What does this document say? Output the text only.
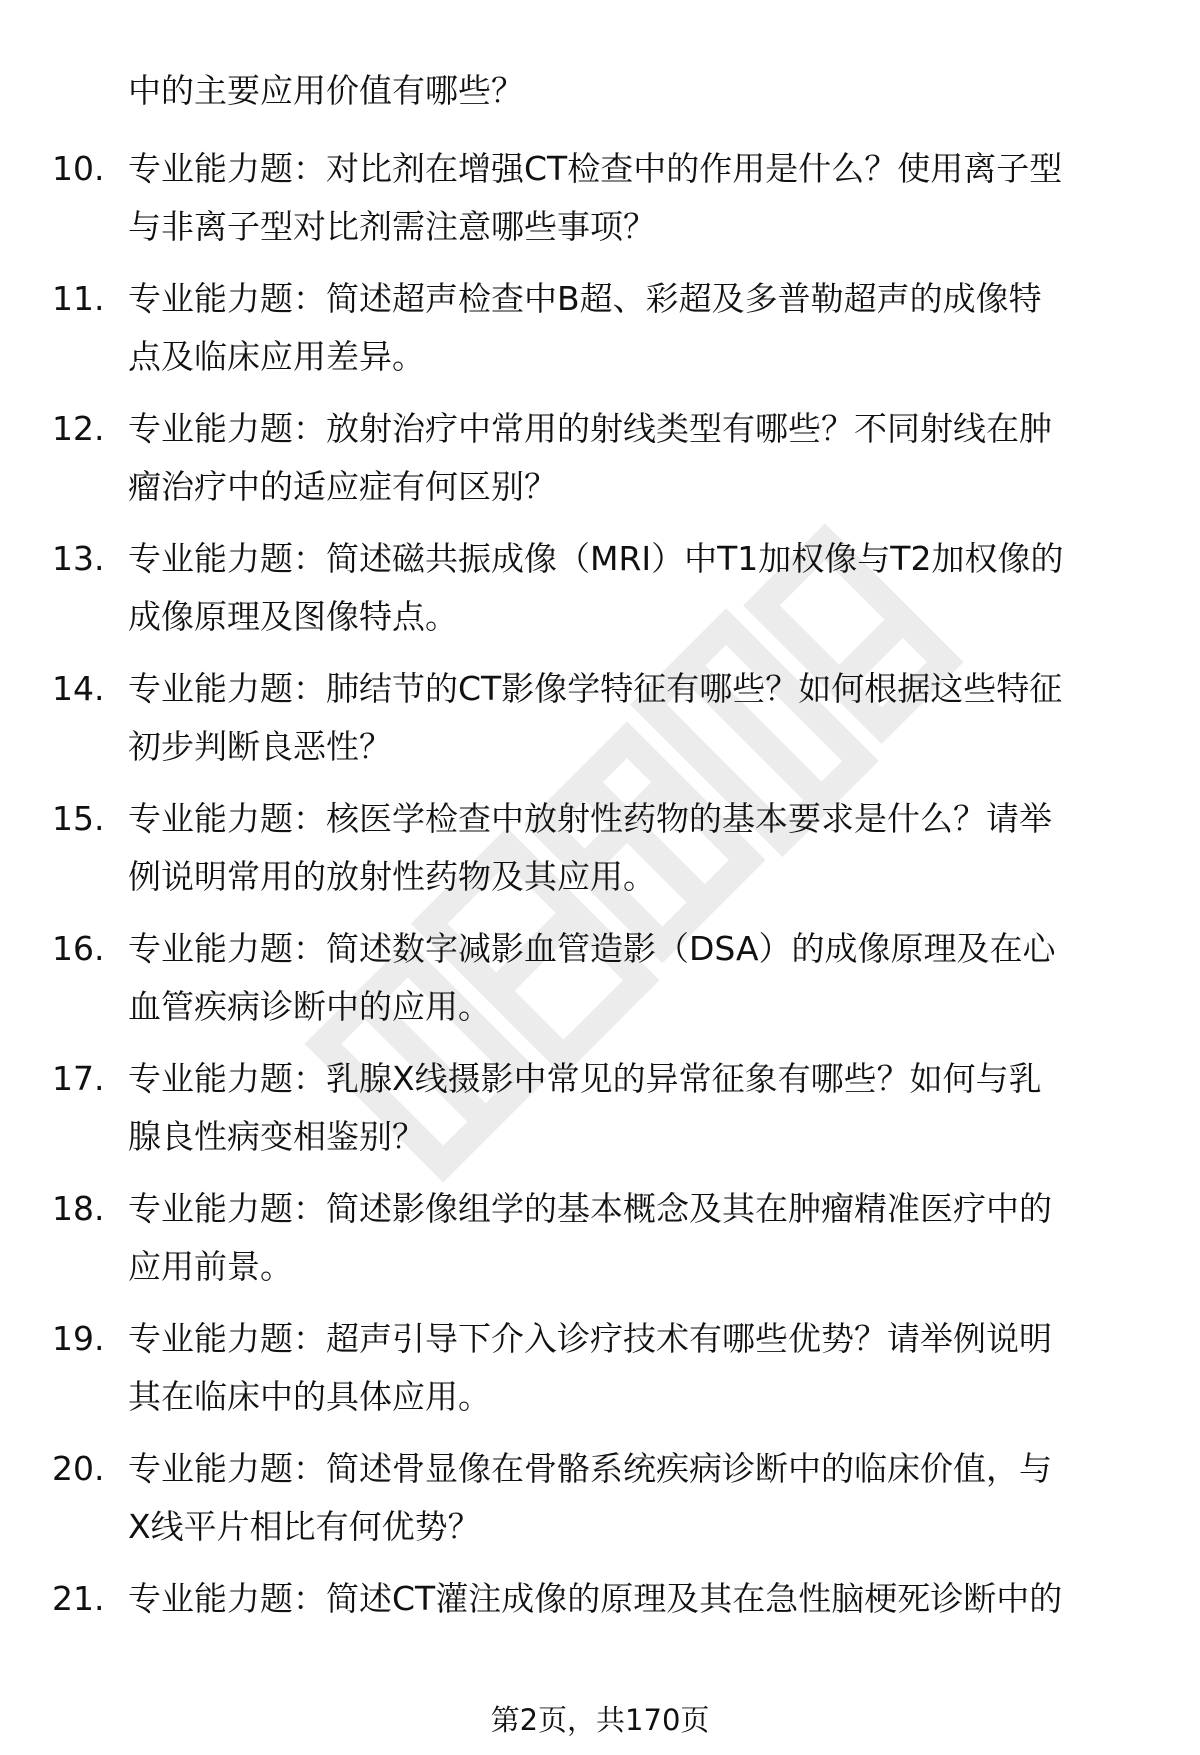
中的主要应用价值有哪些？
10. 专业能力题：对比剂在增强CT检查中的作用是什么？使用离子型
与非离子型对比剂需注意哪些事项？
11. 专业能力题：简述超声检查中B超、彩超及多普勒超声的成像特
点及临床应用差异。
12. 专业能力题：放射治疗中常用的射线类型有哪些？不同射线在肿
瘤治疗中的适应症有何区别？
13. 专业能力题：简述磁共振成像（MRI）中T1加权像与T2加权像的
成像原理及图像特点。
14. 专业能力题：肺结节的CT影像学特征有哪些？如何根据这些特征
初步判断良恶性？
15. 专业能力题：核医学检查中放射性药物的基本要求是什么？请举
例说明常用的放射性药物及其应用。
16. 专业能力题：简述数字减影血管造影（DSA）的成像原理及在心
血管疾病诊断中的应用。
17. 专业能力题：乳腺X线摄影中常见的异常征象有哪些？如何与乳
腺良性病变相鉴别？
18. 专业能力题：简述影像组学的基本概念及其在肿瘤精准医疗中的
应用前景。
19. 专业能力题：超声引导下介入诊疗技术有哪些优势？请举例说明
其在临床中的具体应用。
20. 专业能力题：简述骨显像在骨骼系统疾病诊断中的临床价值，与
X线平片相比有何优势？
21. 专业能力题：简述CT灌注成像的原理及其在急性脑梗死诊断中的
第2页，共170页
